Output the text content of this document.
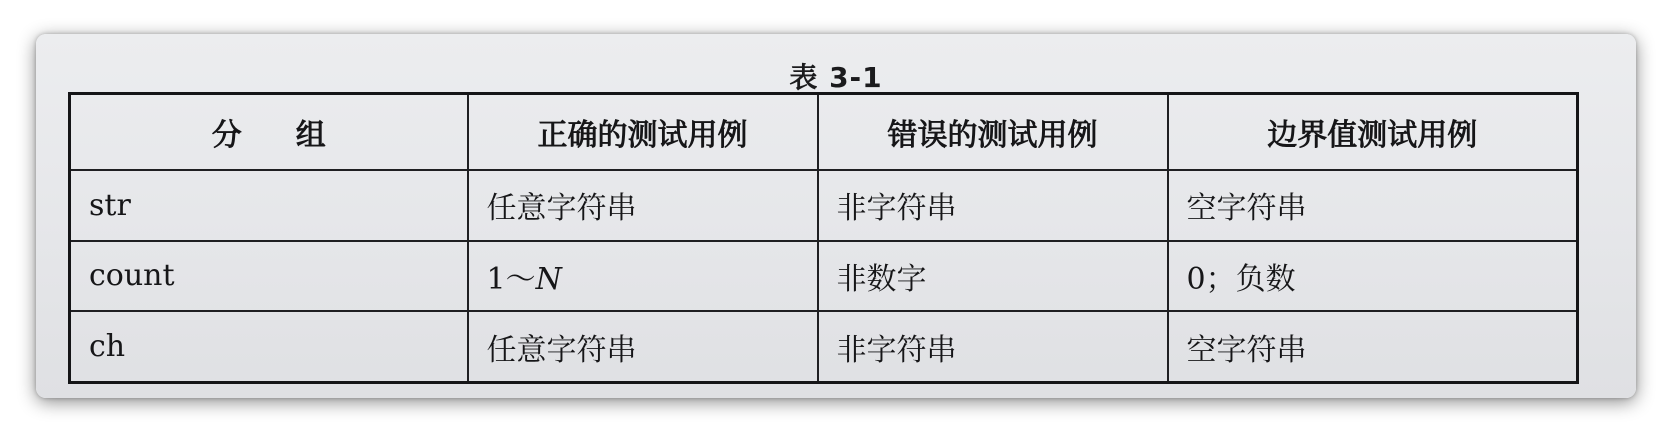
表 3-1
分组	正确的测试用例	错误的测试用例	边界值测试用例
str	任意字符串	非字符串	空字符串
count	1～N	非数字	0；负数
ch	任意字符串	非字符串	空字符串
